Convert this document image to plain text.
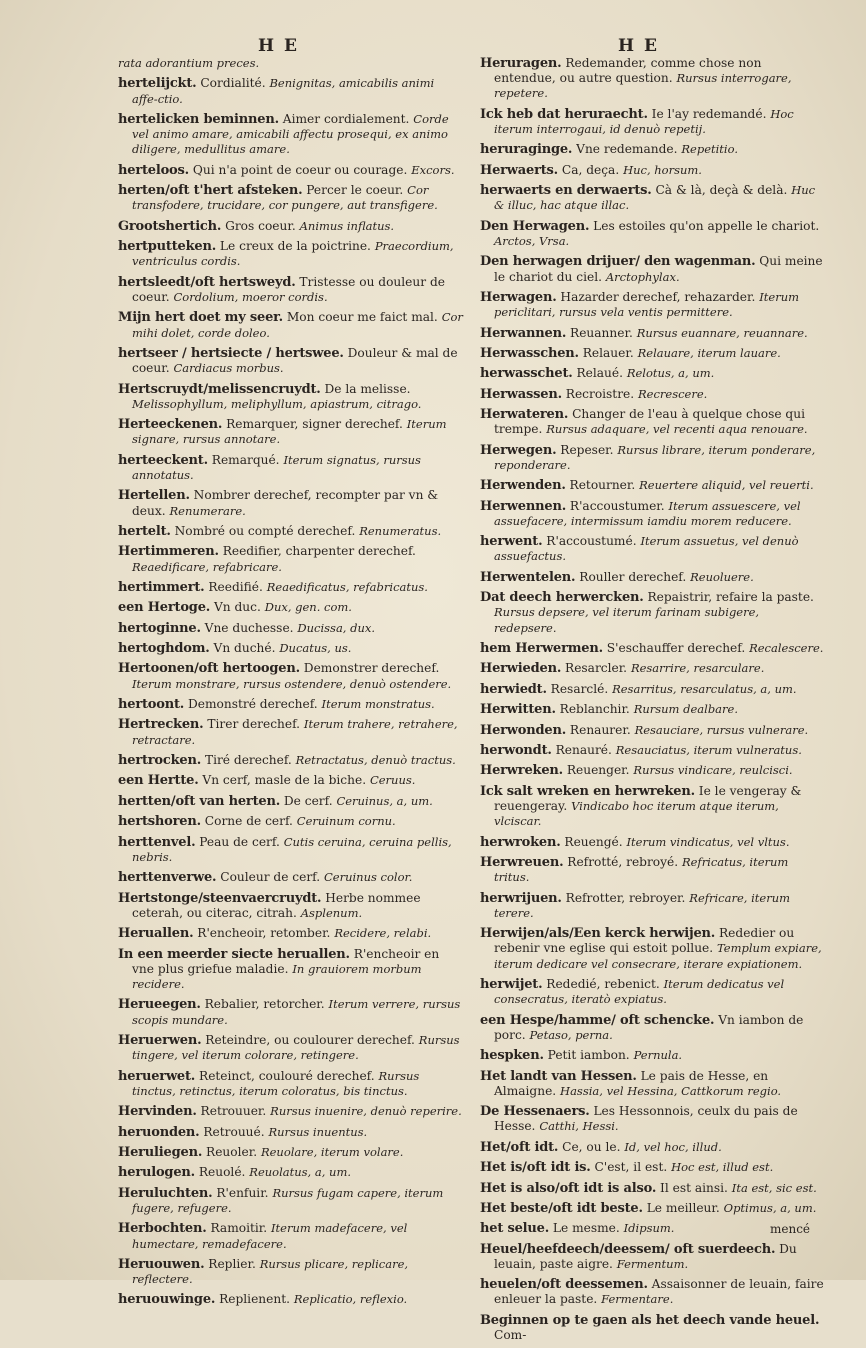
H E	H E
rata adorantium preces.
hertelijckt. Cordialité. Benignitas, amicabilis animi affe-ctio.
hertelicken beminnen. Aimer cordialement. Corde vel animo amare, amicabili affectu prosequi, ex animo diligere, medullitus amare.
herteloos. Qui n'a point de coeur ou courage. Excors.
herten/oft t'hert afsteken. Percer le coeur. Cor transfodere, trucidare, cor pungere, aut transfigere.
Grootshertich. Gros coeur. Animus inflatus.
hertputteken. Le creux de la poictrine. Praecordium, ventriculus cordis.
hertsleedt/oft hertsweyd. Tristesse ou douleur de coeur. Cordolium, moeror cordis.
Mijn hert doet my seer. Mon coeur me faict mal. Cor mihi dolet, corde doleo.
hertseer / hertsiecte / hertswee. Douleur & mal de coeur. Cardiacus morbus.
Hertscruydt/melissencruydt. De la melisse. Melissophyllum, meliphyllum, apiastrum, citrago.
Herteeckenen. Remarquer, signer derechef. Iterum signare, rursus annotare.
herteeckent. Remarqué. Iterum signatus, rursus annotatus.
Hertellen. Nombrer derechef, recompter par vn & deux. Renumerare.
hertelt. Nombré ou compté derechef. Renumeratus.
Hertimmeren. Reedifier, charpenter derechef. Reaedificare, refabricare.
hertimmert. Reedifié. Reaedificatus, refabricatus.
een Hertoge. Vn duc. Dux, gen. com.
hertoginne. Vne duchesse. Ducissa, dux.
hertoghdom. Vn duché. Ducatus, us.
Hertoonen/oft hertoogen. Demonstrer derechef. Iterum monstrare, rursus ostendere, denuò ostendere.
hertoont. Demonstré derechef. Iterum monstratus.
Hertrecken. Tirer derechef. Iterum trahere, retrahere, retractare.
hertrocken. Tiré derechef. Retractatus, denuò tractus.
een Hertte. Vn cerf, masle de la biche. Ceruus.
hertten/oft van herten. De cerf. Ceruinus, a, um.
hertshoren. Corne de cerf. Ceruinum cornu.
herttenvel. Peau de cerf. Cutis ceruina, ceruina pellis, nebris.
herttenverwe. Couleur de cerf. Ceruinus color.
Hertstonge/steenvaercruydt. Herbe nommee ceterah, ou citerac, citrah. Asplenum.
Heruallen. R'encheoir, retomber. Recidere, relabi.
In een meerder siecte heruallen. R'encheoir en vne plus griefue maladie. In grauiorem morbum recidere.
Herueegen. Rebalier, retorcher. Iterum verrere, rursus scopis mundare.
Heruerwen. Reteindre, ou coulourer derechef. Rursus tingere, vel iterum colorare, retingere.
heruerwet. Reteinct, coulouré derechef. Rursus tinctus, retinctus, iterum coloratus, bis tinctus.
Hervinden. Retrouuer. Rursus inuenire, denuò reperire.
heruonden. Retrouué. Rursus inuentus.
Heruliegen. Reuoler. Reuolare, iterum volare.
herulogen. Reuolé. Reuolatus, a, um.
Heruluchten. R'enfuir. Rursus fugam capere, iterum fugere, refugere.
Herbochten. Ramoitir. Iterum madefacere, vel humectare, remadefacere.
Heruouwen. Replier. Rursus plicare, replicare, reflectere.
heruouwinge. Replienent. Replicatio, reflexio.
Heruragen. Redemander, comme chose non entendue, ou autre question. Rursus interrogare, repetere.
Ick heb dat heruraecht. Ie l'ay redemandé. Hoc iterum interrogaui, id denuò repetij.
heruraginge. Vne redemande. Repetitio.
Herwaerts. Ca, deça. Huc, horsum.
herwaerts en derwaerts. Cà & là, deçà & delà. Huc & illuc, hac atque illac.
Den Herwagen. Les estoiles qu'on appelle le chariot. Arctos, Vrsa.
Den herwagen drijuer/ den wagenman. Qui meine le chariot du ciel. Arctophylax.
Herwagen. Hazarder derechef, rehazarder. Iterum periclitari, rursus vela ventis permittere.
Herwannen. Reuanner. Rursus euannare, reuannare.
Herwasschen. Relauer. Relauare, iterum lauare.
herwasschet. Relaué. Relotus, a, um.
Herwassen. Recroistre. Recrescere.
Herwateren. Changer de l'eau à quelque chose qui trempe. Rursus adaquare, vel recenti aqua renouare.
Herwegen. Repeser. Rursus librare, iterum ponderare, reponderare.
Herwenden. Retourner. Reuertere aliquid, vel reuerti.
Herwennen. R'accoustumer. Iterum assuescere, vel assuefacere, intermissum iamdiu morem reducere.
herwent. R'accoustumé. Iterum assuetus, vel denuò assuefactus.
Herwentelen. Rouller derechef. Reuoluere.
Dat deech herwercken. Repaistrir, refaire la paste. Rursus depsere, vel iterum farinam subigere, redepsere.
hem Herwermen. S'eschauffer derechef. Recalescere.
Herwieden. Resarcler. Resarrire, resarculare.
herwiedt. Resarclé. Resarritus, resarculatus, a, um.
Herwitten. Reblanchir. Rursum dealbare.
Herwonden. Renaurer. Resauciare, rursus vulnerare.
herwondt. Renauré. Resauciatus, iterum vulneratus.
Herwreken. Reuenger. Rursus vindicare, reulcisci.
Ick salt wreken en herwreken. Ie le vengeray & reuengeray. Vindicabo hoc iterum atque iterum, vlciscar.
herwroken. Reuengé. Iterum vindicatus, vel vltus.
Herwreuen. Refrotté, rebroyé. Refricatus, iterum tritus.
herwrijuen. Refrotter, rebroyer. Refricare, iterum terere.
Herwijen/als/Een kerck herwijen. Rededier ou rebenir vne eglise qui estoit pollue. Templum expiare, iterum dedicare vel consecrare, iterare expiationem.
herwijet. Rededié, rebenict. Iterum dedicatus vel consecratus, iteratò expiatus.
een Hespe/hamme/ oft schencke. Vn iambon de porc. Petaso, perna.
hespken. Petit iambon. Pernula.
Het landt van Hessen. Le pais de Hesse, en Almaigne. Hassia, vel Hessina, Cattkorum regio.
De Hessenaers. Les Hessonnois, ceulx du pais de Hesse. Catthi, Hessi.
Het/oft idt. Ce, ou le. Id, vel hoc, illud.
Het is/oft idt is. C'est, il est. Hoc est, illud est.
Het is also/oft idt is also. Il est ainsi. Ita est, sic est.
Het beste/oft idt beste. Le meilleur. Optimus, a, um.
het selue. Le mesme. Idipsum.
Heuel/heefdeech/deessem/ oft suerdeech. Du leuain, paste aigre. Fermentum.
heuelen/oft deessemen. Assaisonner de leuain, faire enleuer la paste. Fermentare.
Beginnen op te gaen als het deech vande heuel. Com-
mencé
